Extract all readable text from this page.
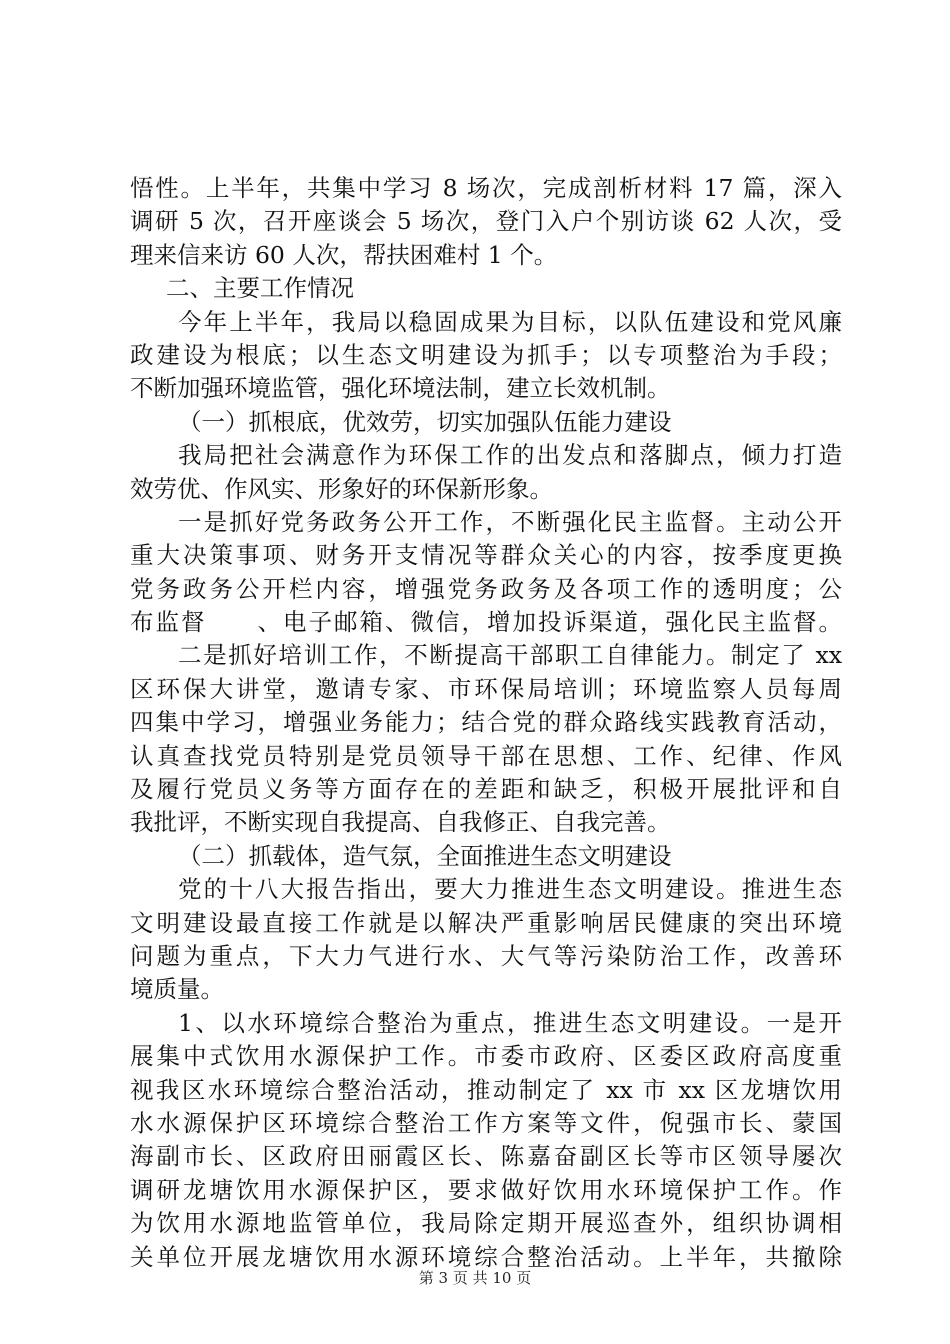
悟性。上半年，共集中学习 8 场次，完成剖析材料 17 篇，深入
调研 5 次，召开座谈会 5 场次，登门入户个别访谈 62 人次，受
理来信来访 60 人次，帮扶困难村 1 个。
二、主要工作情况
今年上半年，我局以稳固成果为目标，以队伍建设和党风廉
政建设为根底；以生态文明建设为抓手；以专项整治为手段；
不断加强环境监管，强化环境法制，建立长效机制。
（一）抓根底，优效劳，切实加强队伍能力建设
我局把社会满意作为环保工作的出发点和落脚点，倾力打造
效劳优、作风实、形象好的环保新形象。
一是抓好党务政务公开工作，不断强化民主监督。主动公开
重大决策事项、财务开支情况等群众关心的内容，按季度更换
党务政务公开栏内容，增强党务政务及各项工作的透明度；公
布监督　　、电子邮箱、微信，增加投诉渠道，强化民主监督。
二是抓好培训工作，不断提高干部职工自律能力。制定了 xx
区环保大讲堂，邀请专家、市环保局培训；环境监察人员每周
四集中学习，增强业务能力；结合党的群众路线实践教育活动，
认真查找党员特别是党员领导干部在思想、工作、纪律、作风
及履行党员义务等方面存在的差距和缺乏，积极开展批评和自
我批评，不断实现自我提高、自我修正、自我完善。
（二）抓载体，造气氛，全面推进生态文明建设
党的十八大报告指出，要大力推进生态文明建设。推进生态
文明建设最直接工作就是以解决严重影响居民健康的突出环境
问题为重点，下大力气进行水、大气等污染防治工作，改善环
境质量。
1、以水环境综合整治为重点，推进生态文明建设。一是开
展集中式饮用水源保护工作。市委市政府、区委区政府高度重
视我区水环境综合整治活动，推动制定了 xx 市 xx 区龙塘饮用
水水源保护区环境综合整治工作方案等文件，倪强市长、蒙国
海副市长、区政府田丽霞区长、陈嘉奋副区长等市区领导屡次
调研龙塘饮用水源保护区，要求做好饮用水环境保护工作。作
为饮用水源地监管单位，我局除定期开展巡查外，组织协调相
关单位开展龙塘饮用水源环境综合整治活动。上半年，共撤除
第 3 页 共 10 页
